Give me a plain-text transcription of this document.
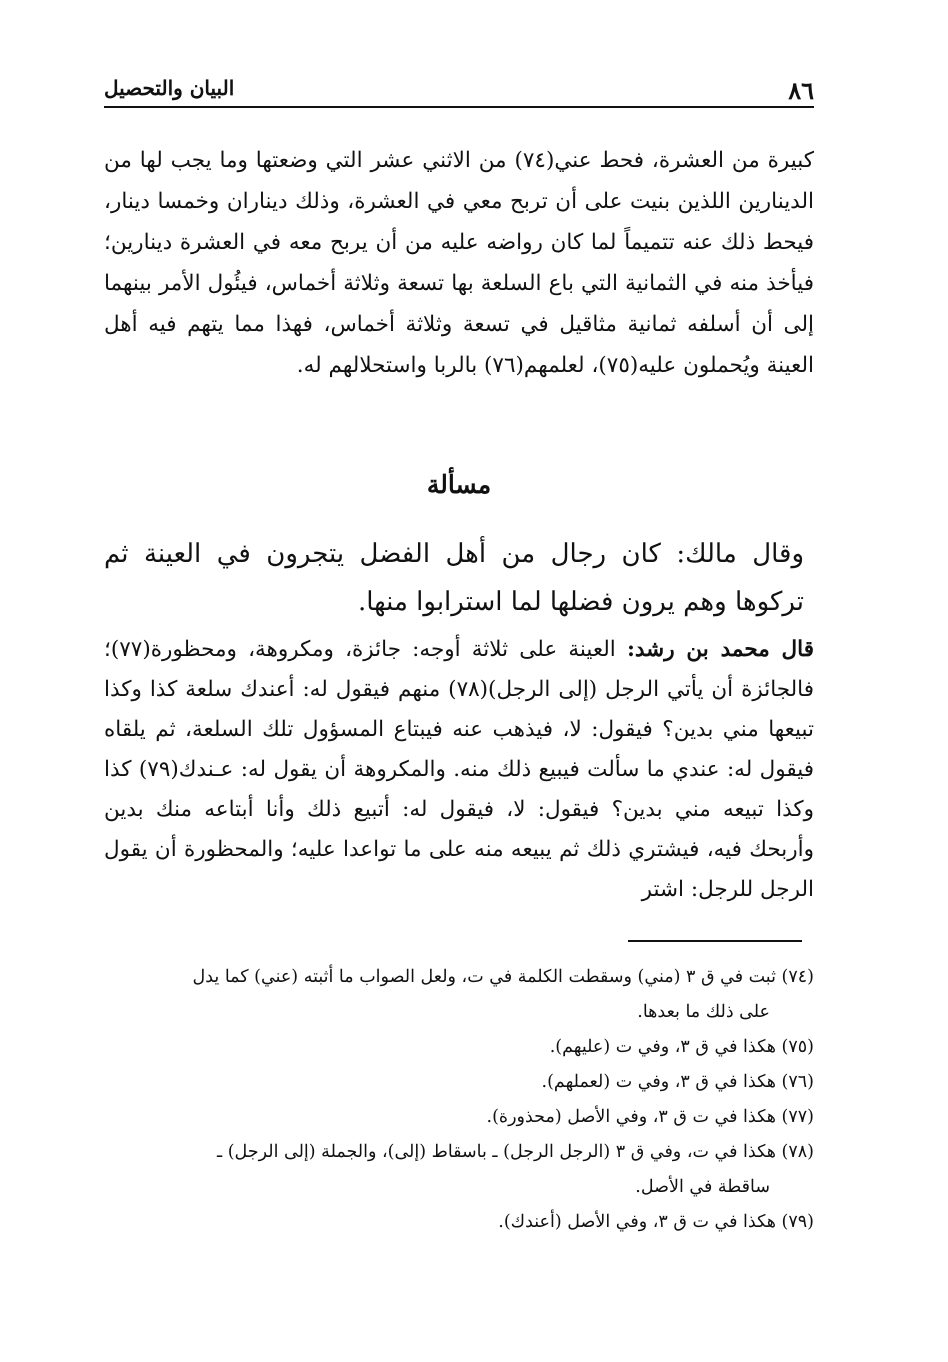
٨٦
البيان والتحصيل
كبيرة من العشرة، فحط عني(٧٤) من الاثني عشر التي وضعتها وما يجب لها من الدينارين اللذين بنيت على أن تربح معي في العشرة، وذلك ديناران وخمسا دينار، فيحط ذلك عنه تتميماً لما كان رواضه عليه من أن يربح معه في العشرة دينارين؛ فيأخذ منه في الثمانية التي باع السلعة بها تسعة وثلاثة أخماس، فيئُول الأمر بينهما إلى أن أسلفه ثمانية مثاقيل في تسعة وثلاثة أخماس، فهذا مما يتهم فيه أهل العينة ويُحملون عليه(٧٥)، لعلمهم(٧٦) بالربا واستحلالهم له.
مسألة
وقال مالك: كان رجال من أهل الفضل يتجرون في العينة ثم تركوها وهم يرون فضلها لما استرابوا منها.
قال محمد بن رشد: العينة على ثلاثة أوجه: جائزة، ومكروهة، ومحظورة(٧٧)؛ فالجائزة أن يأتي الرجل (إلى الرجل)(٧٨) منهم فيقول له: أعندك سلعة كذا وكذا تبيعها مني بدين؟ فيقول: لا، فيذهب عنه فيبتاع المسؤول تلك السلعة، ثم يلقاه فيقول له: عندي ما سألت فيبيع ذلك منه. والمكروهة أن يقول له: عـندك(٧٩) كذا وكذا تبيعه مني بدين؟ فيقول: لا، فيقول له: أتبيع ذلك وأنا أبتاعه منك بدين وأربحك فيه، فيشتري ذلك ثم يبيعه منه على ما تواعدا عليه؛ والمحظورة أن يقول الرجل للرجل: اشتر

(٧٤) ثبت في ق ٣ (مني) وسقطت الكلمة في ت، ولعل الصواب ما أثبته (عني) كما يدل
على ذلك ما بعدها.

(٧٥) هكذا في ق ٣، وفي ت (عليهم).

(٧٦) هكذا في ق ٣، وفي ت (لعملهم).

(٧٧) هكذا في ت ق ٣، وفي الأصل (محذورة).

(٧٨) هكذا في ت، وفي ق ٣ (الرجل الرجل) ـ باسقاط (إلى)، والجملة (إلى الرجل) ـ
ساقطة في الأصل.

(٧٩) هكذا في ت ق ٣، وفي الأصل (أعندك).
